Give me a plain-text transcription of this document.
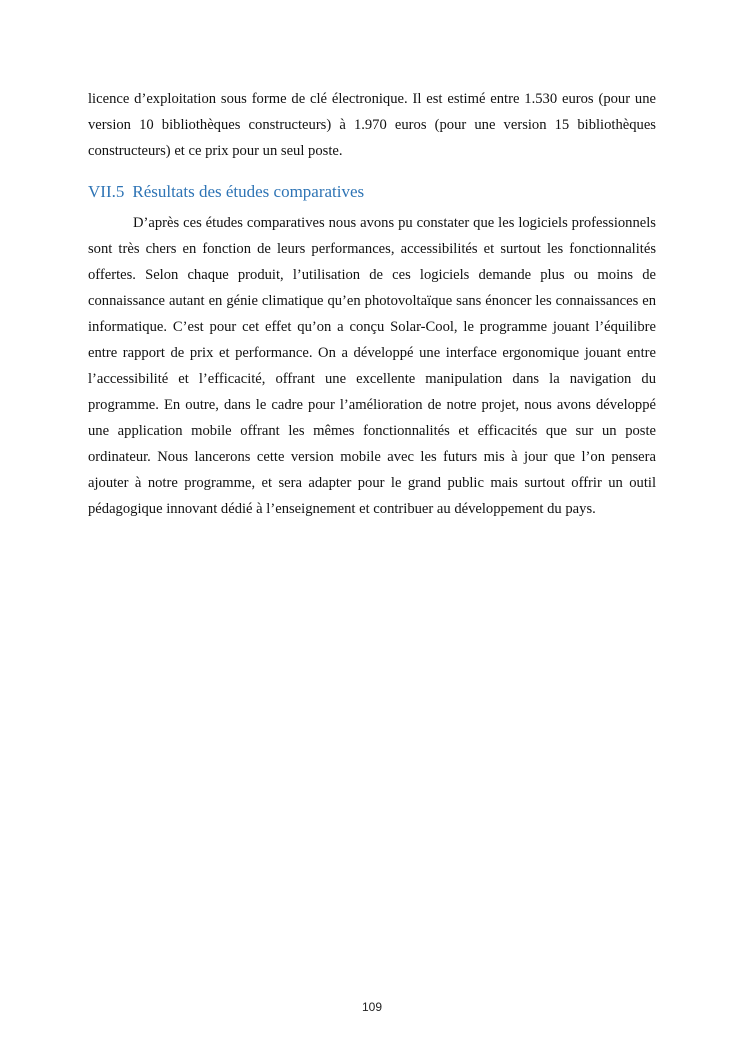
licence d’exploitation sous forme de clé électronique. Il est estimé entre 1.530 euros (pour une version 10 bibliothèques constructeurs) à 1.970 euros (pour une version 15 bibliothèques constructeurs) et ce prix pour un seul poste.

VII.5 Résultats des études comparatives

D’après ces études comparatives nous avons pu constater que les logiciels professionnels sont très chers en fonction de leurs performances, accessibilités et surtout les fonctionnalités offertes. Selon chaque produit, l’utilisation de ces logiciels demande plus ou moins de connaissance autant en génie climatique qu’en photovoltaïque sans énoncer les connaissances en informatique. C’est pour cet effet qu’on a conçu Solar-Cool, le programme jouant l’équilibre entre rapport de prix et performance. On a développé une interface ergonomique jouant entre l’accessibilité et l’efficacité, offrant une excellente manipulation dans la navigation du programme. En outre, dans le cadre pour l’amélioration de notre projet, nous avons développé une application mobile offrant les mêmes fonctionnalités et efficacités que sur un poste ordinateur. Nous lancerons cette version mobile avec les futurs mis à jour que l’on pensera ajouter à notre programme, et sera adapter pour le grand public mais surtout offrir un outil pédagogique innovant dédié à l’enseignement et contribuer au développement du pays.

109
